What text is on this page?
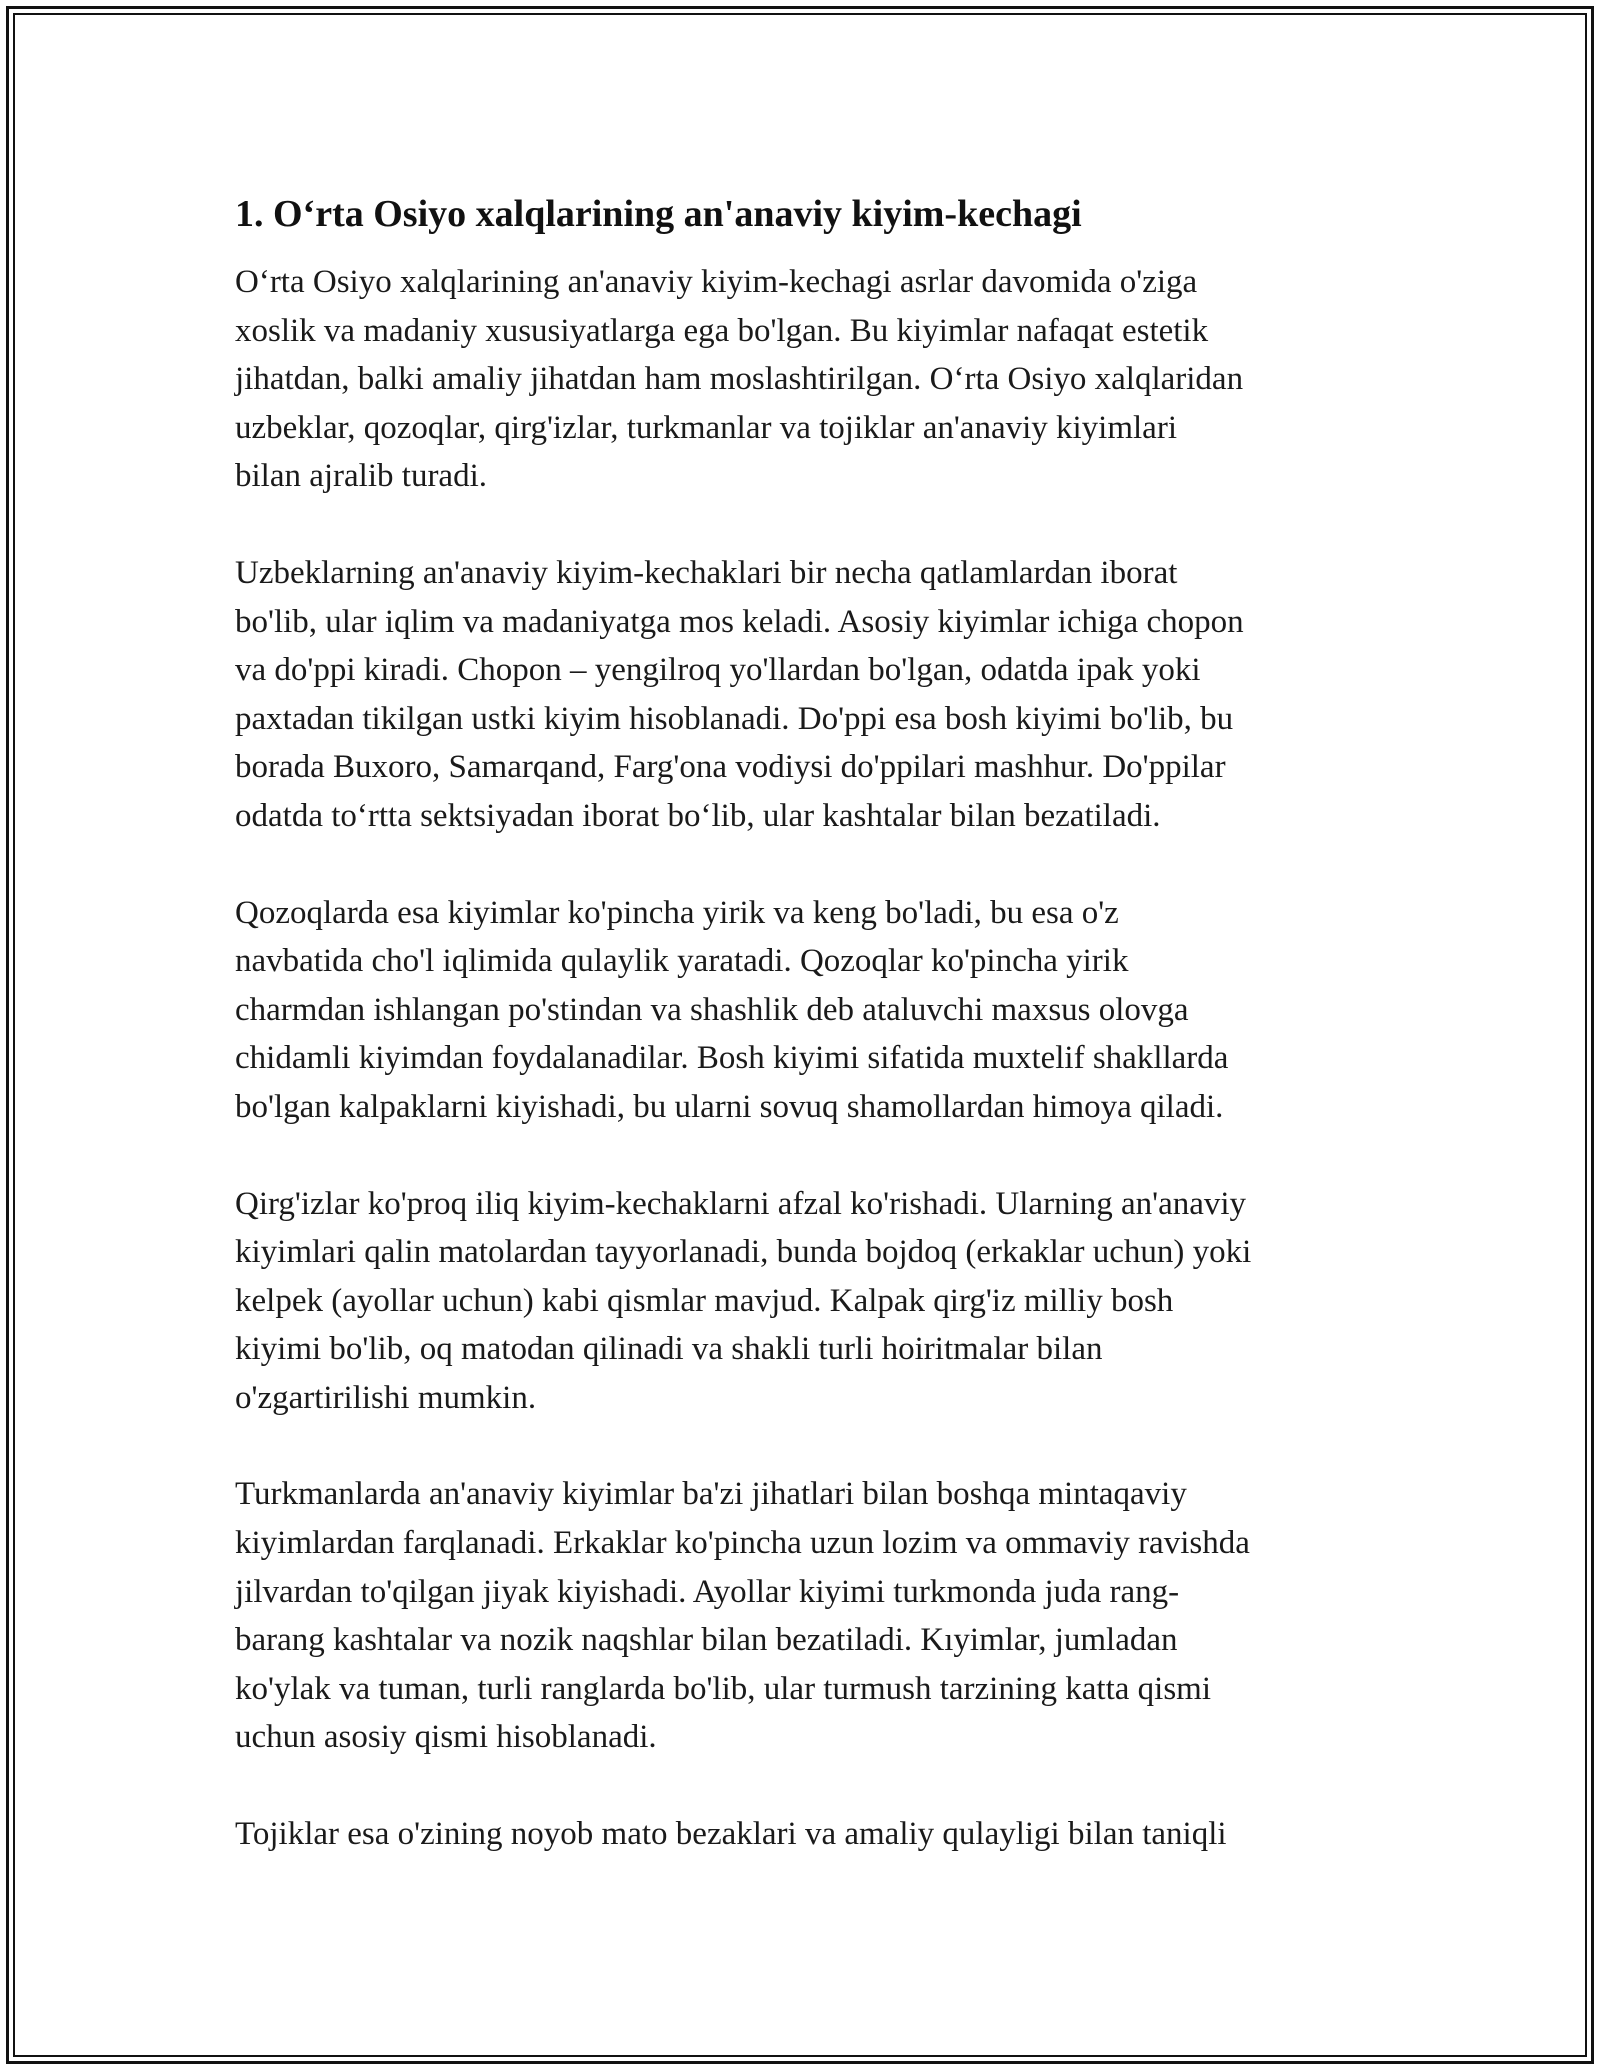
1. O‘rta Osiyo xalqlarining an'anaviy kiyim-kechagi
O‘rta Osiyo xalqlarining an'anaviy kiyim-kechagi asrlar davomida o'ziga
xoslik va madaniy xususiyatlarga ega bo'lgan. Bu kiyimlar nafaqat estetik
jihatdan, balki amaliy jihatdan ham moslashtirilgan. O‘rta Osiyo xalqlaridan
uzbeklar, qozoqlar, qirg'izlar, turkmanlar va tojiklar an'anaviy kiyimlari
bilan ajralib turadi.
Uzbeklarning an'anaviy kiyim-kechaklari bir necha qatlamlardan iborat
bo'lib, ular iqlim va madaniyatga mos keladi. Asosiy kiyimlar ichiga chopon
va do'ppi kiradi. Chopon – yengilroq yo'llardan bo'lgan, odatda ipak yoki
paxtadan tikilgan ustki kiyim hisoblanadi. Do'ppi esa bosh kiyimi bo'lib, bu
borada Buxoro, Samarqand, Farg'ona vodiysi do'ppilari mashhur. Do'ppilar
odatda to‘rtta sektsiyadan iborat bo‘lib, ular kashtalar bilan bezatiladi.
Qozoqlarda esa kiyimlar ko'pincha yirik va keng bo'ladi, bu esa o'z
navbatida cho'l iqlimida qulaylik yaratadi. Qozoqlar ko'pincha yirik
charmdan ishlangan po'stindan va shashlik deb ataluvchi maxsus olovga
chidamli kiyimdan foydalanadilar. Bosh kiyimi sifatida muxtelif shakllarda
bo'lgan kalpaklarni kiyishadi, bu ularni sovuq shamollardan himoya qiladi.
Qirg'izlar ko'proq iliq kiyim-kechaklarni afzal ko'rishadi. Ularning an'anaviy
kiyimlari qalin matolardan tayyorlanadi, bunda bojdoq (erkaklar uchun) yoki
kelpek (ayollar uchun) kabi qismlar mavjud. Kalpak qirg'iz milliy bosh
kiyimi bo'lib, oq matodan qilinadi va shakli turli hoiritmalar bilan
o'zgartirilishi mumkin.
Turkmanlarda an'anaviy kiyimlar ba'zi jihatlari bilan boshqa mintaqaviy
kiyimlardan farqlanadi. Erkaklar ko'pincha uzun lozim va ommaviy ravishda
jilvardan to'qilgan jiyak kiyishadi. Ayollar kiyimi turkmonda juda rang-
barang kashtalar va nozik naqshlar bilan bezatiladi. Kıyimlar, jumladan
ko'ylak va tuman, turli ranglarda bo'lib, ular turmush tarzining katta qismi
uchun asosiy qismi hisoblanadi.
Tojiklar esa o'zining noyob mato bezaklari va amaliy qulayligi bilan taniqli
